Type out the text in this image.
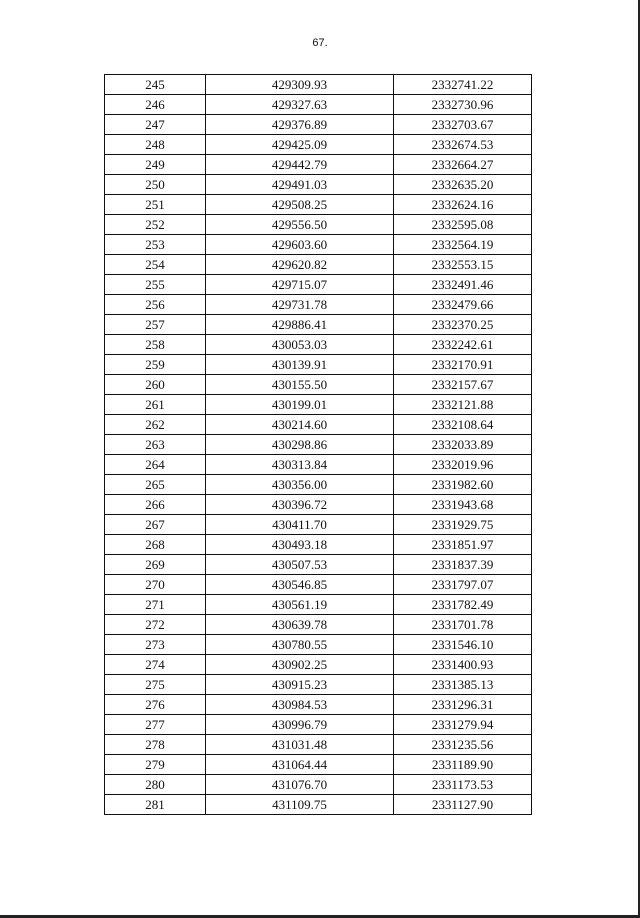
67.
245	429309.93	2332741.22
246	429327.63	2332730.96
247	429376.89	2332703.67
248	429425.09	2332674.53
249	429442.79	2332664.27
250	429491.03	2332635.20
251	429508.25	2332624.16
252	429556.50	2332595.08
253	429603.60	2332564.19
254	429620.82	2332553.15
255	429715.07	2332491.46
256	429731.78	2332479.66
257	429886.41	2332370.25
258	430053.03	2332242.61
259	430139.91	2332170.91
260	430155.50	2332157.67
261	430199.01	2332121.88
262	430214.60	2332108.64
263	430298.86	2332033.89
264	430313.84	2332019.96
265	430356.00	2331982.60
266	430396.72	2331943.68
267	430411.70	2331929.75
268	430493.18	2331851.97
269	430507.53	2331837.39
270	430546.85	2331797.07
271	430561.19	2331782.49
272	430639.78	2331701.78
273	430780.55	2331546.10
274	430902.25	2331400.93
275	430915.23	2331385.13
276	430984.53	2331296.31
277	430996.79	2331279.94
278	431031.48	2331235.56
279	431064.44	2331189.90
280	431076.70	2331173.53
281	431109.75	2331127.90
